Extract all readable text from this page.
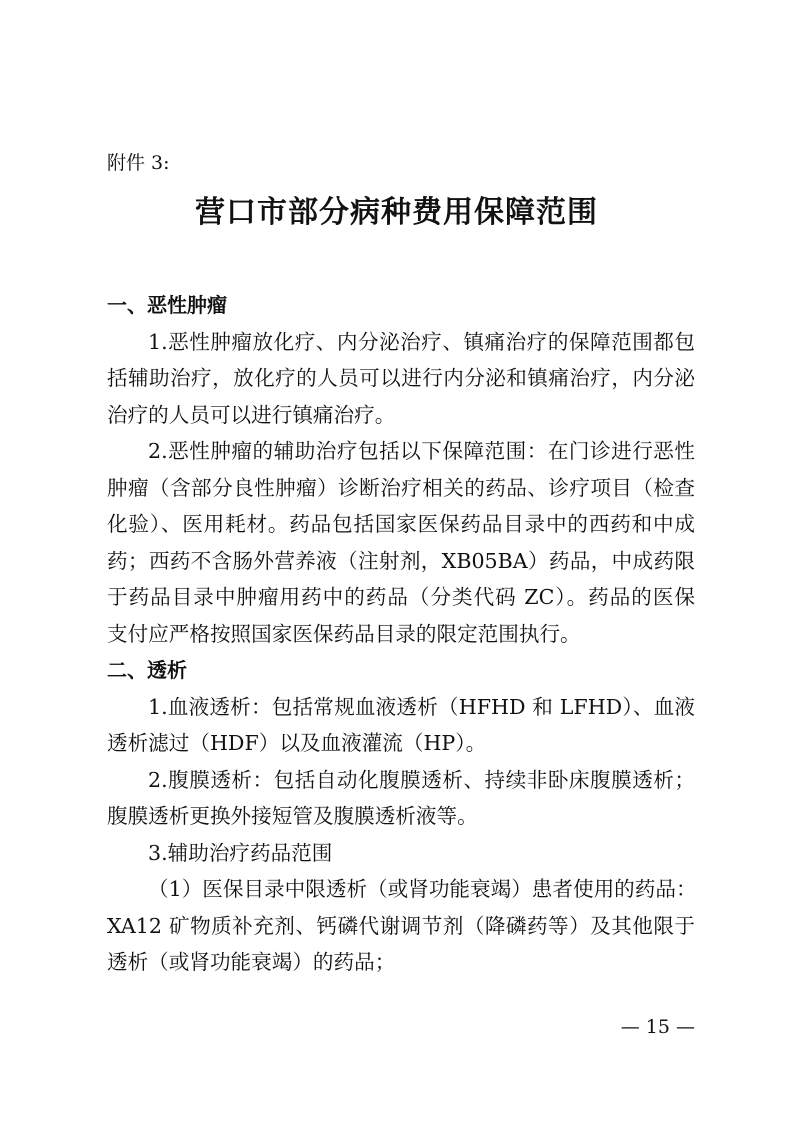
附件 3:
营口市部分病种费用保障范围
一、恶性肿瘤
1.恶性肿瘤放化疗、内分泌治疗、镇痛治疗的保障范围都包
括辅助治疗，放化疗的人员可以进行内分泌和镇痛治疗，内分泌
治疗的人员可以进行镇痛治疗。
2.恶性肿瘤的辅助治疗包括以下保障范围：在门诊进行恶性
肿瘤（含部分良性肿瘤）诊断治疗相关的药品、诊疗项目（检查
化验）、医用耗材。药品包括国家医保药品目录中的西药和中成
药；西药不含肠外营养液（注射剂，XB05BA）药品，中成药限
于药品目录中肿瘤用药中的药品（分类代码 ZC）。药品的医保
支付应严格按照国家医保药品目录的限定范围执行。
二、透析
1.血液透析：包括常规血液透析（HFHD 和 LFHD）、血液
透析滤过（HDF）以及血液灌流（HP）。
2.腹膜透析：包括自动化腹膜透析、持续非卧床腹膜透析；
腹膜透析更换外接短管及腹膜透析液等。
3.辅助治疗药品范围
（1）医保目录中限透析（或肾功能衰竭）患者使用的药品：
XA12 矿物质补充剂、钙磷代谢调节剂（降磷药等）及其他限于
透析（或肾功能衰竭）的药品；
— 15 —
